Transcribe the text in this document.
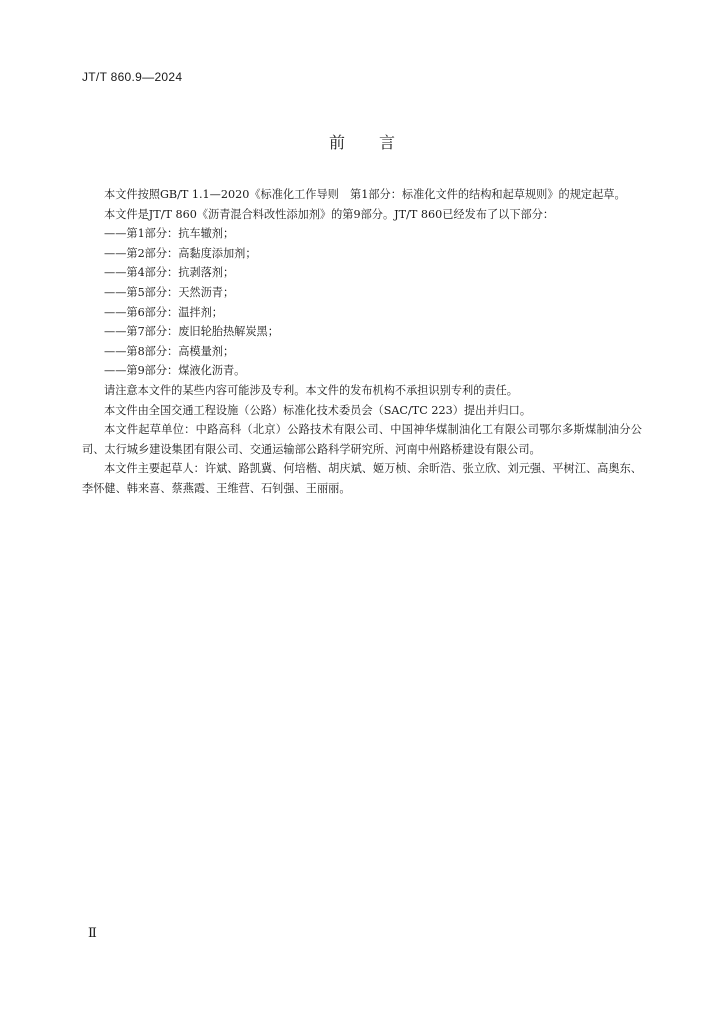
JT/T 860.9—2024
前 言

本文件按照GB/T 1.1—2020《标准化工作导则　第1部分：标准化文件的结构和起草规则》的规定起草。

本文件是JT/T 860《沥青混合料改性添加剂》的第9部分。JT/T 860已经发布了以下部分：

——第1部分：抗车辙剂；
——第2部分：高黏度添加剂；
——第4部分：抗剥落剂；
——第5部分：天然沥青；
——第6部分：温拌剂；
——第7部分：废旧轮胎热解炭黑；
——第8部分：高模量剂；
——第9部分：煤液化沥青。

请注意本文件的某些内容可能涉及专利。本文件的发布机构不承担识别专利的责任。

本文件由全国交通工程设施（公路）标准化技术委员会（SAC/TC 223）提出并归口。

本文件起草单位：中路高科（北京）公路技术有限公司、中国神华煤制油化工有限公司鄂尔多斯煤制油分公司、太行城乡建设集团有限公司、交通运输部公路科学研究所、河南中州路桥建设有限公司。

本文件主要起草人：许斌、路凯冀、何培楷、胡庆斌、姬万桢、余昕浩、张立欣、刘元强、平树江、高奥东、李怀健、韩来喜、蔡燕霞、王维营、石钊强、王丽丽。

Ⅱ
